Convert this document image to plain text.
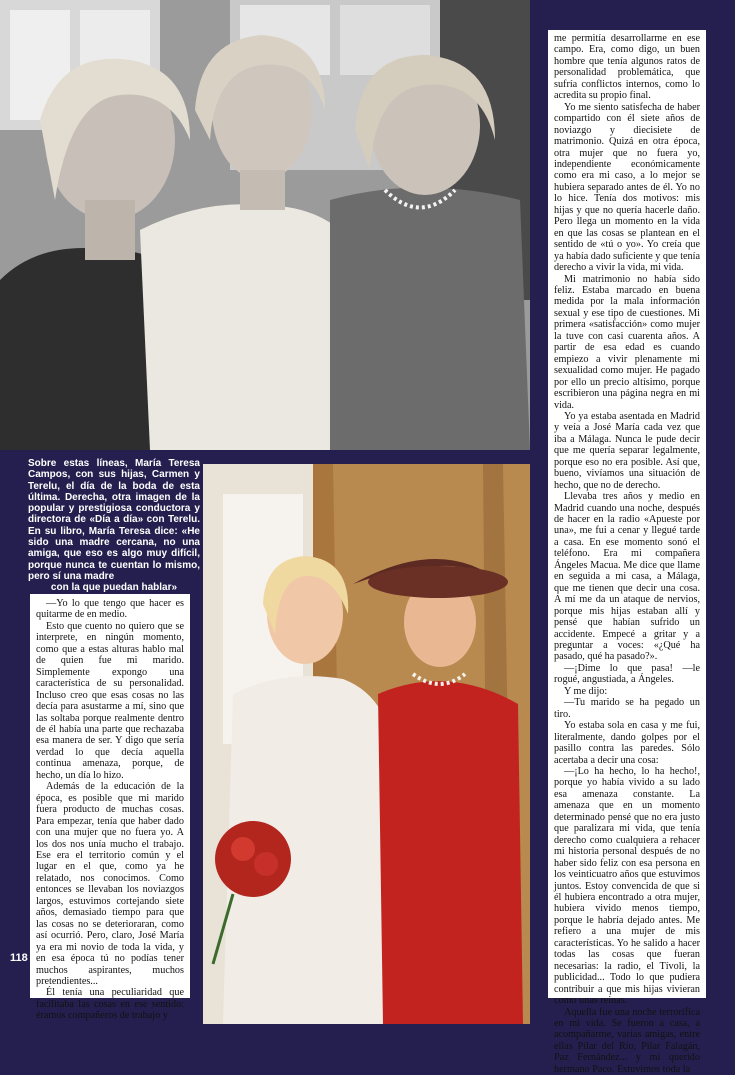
Sobre estas líneas, María Teresa Campos, con sus hijas, Carmen y Terelu, el día de la boda de esta última. Derecha, otra imagen de la popular y prestigiosa conductora y directora de «Día a día» con Terelu. En su libro, María Teresa dice: «He sido una madre cercana, no una amiga, que eso es algo muy difícil, porque nunca te cuentan lo mismo, pero sí una madre
con la que puedan hablar»

—Yo lo que tengo que hacer es quitarme de en medio.

Esto que cuento no quiero que se interprete, en ningún momento, como que a estas alturas hablo mal de quien fue mi marido. Simplemente expongo una característica de su personalidad. Incluso creo que esas cosas no las decía para asustarme a mí, sino que las soltaba porque realmente dentro de él había una parte que rechazaba esa manera de ser. Y digo que sería verdad lo que decía aquella continua amenaza, porque, de hecho, un día lo hizo.

Además de la educación de la época, es posible que mi marido fuera producto de muchas cosas. Para empezar, tenía que haber dado con una mujer que no fuera yo. A los dos nos unía mucho el trabajo. Ese era el territorio común y el lugar en el que, como ya he relatado, nos conocimos. Como entonces se llevaban los noviazgos largos, estuvimos cortejando siete años, demasiado tiempo para que las cosas no se deterioraran, como así ocurrió. Pero, claro, José María ya era mi novio de toda la vida, y en esa época tú no podías tener muchos aspirantes, muchos pretendientes...

Él tenía una peculiaridad que facilitaba las cosas en ese sentido: éramos compañeros de trabajo y

me permitía desarrollarme en ese campo. Era, como digo, un buen hombre que tenía algunos ratos de personalidad problemática, que sufría conflictos internos, como lo acredita su propio final.

Yo me siento satisfecha de haber compartido con él siete años de noviazgo y diecisiete de matrimonio. Quizá en otra época, otra mujer que no fuera yo, independiente económicamente como era mi caso, a lo mejor se hubiera separado antes de él. Yo no lo hice. Tenía dos motivos: mis hijas y que no quería hacerle daño. Pero llega un momento en la vida en que las cosas se plantean en el sentido de «tú o yo». Yo creía que ya había dado suficiente y que tenía derecho a vivir la vida, mi vida.

Mi matrimonio no había sido feliz. Estaba marcado en buena medida por la mala información sexual y ese tipo de cuestiones. Mi primera «satisfacción» como mujer la tuve con casi cuarenta años. A partir de esa edad es cuando empiezo a vivir plenamente mi sexualidad como mujer. He pagado por ello un precio altísimo, porque escribieron una página negra en mi vida.

Yo ya estaba asentada en Madrid y veía a José María cada vez que iba a Málaga. Nunca le pude decir que me quería separar legalmente, porque eso no era posible. Así que, bueno, vivíamos una situación de hecho, que no de derecho.

Llevaba tres años y medio en Madrid cuando una noche, después de hacer en la radio «Apueste por una», me fui a cenar y llegué tarde a casa. En ese momento sonó el teléfono. Era mi compañera Ángeles Macua. Me dice que llame en seguida a mi casa, a Málaga, que me tienen que decir una cosa. A mí me da un ataque de nervios, porque mis hijas estaban allí y pensé que habían sufrido un accidente. Empecé a gritar y a preguntar a voces: «¿Qué ha pasado, qué ha pasado?».

—¡Dime lo que pasa! —le rogué, angustiada, a Ángeles.

Y me dijo:

—Tu marido se ha pegado un tiro.

Yo estaba sola en casa y me fui, literalmente, dando golpes por el pasillo contra las paredes. Sólo acertaba a decir una cosa:

—¡Lo ha hecho, lo ha hecho!, porque yo había vivido a su lado esa amenaza constante. La amenaza que en un momento determinado pensé que no era justo que paralizara mi vida, que tenía derecho como cualquiera a rehacer mi historia personal después de no haber sido feliz con esa persona en los veinticuatro años que estuvimos juntos. Estoy convencida de que si él hubiera encontrado a otra mujer, hubiera vivido menos tiempo, porque le habría dejado antes. Me refiero a una mujer de mis características. Yo he salido a hacer todas las cosas que fueran necesarias: la radio, el Tívoli, la publicidad... Todo lo que pudiera contribuir a que mis hijas vivieran como unas reinas.

Aquella fue una noche terrorífica en mi vida. Se fueron a casa, a acompañarme, varias amigas, entre ellas Pilar del Río, Pilar Falagán, Paz Fernández... y mi querido hermano Paco. Estuvimos toda la

118
